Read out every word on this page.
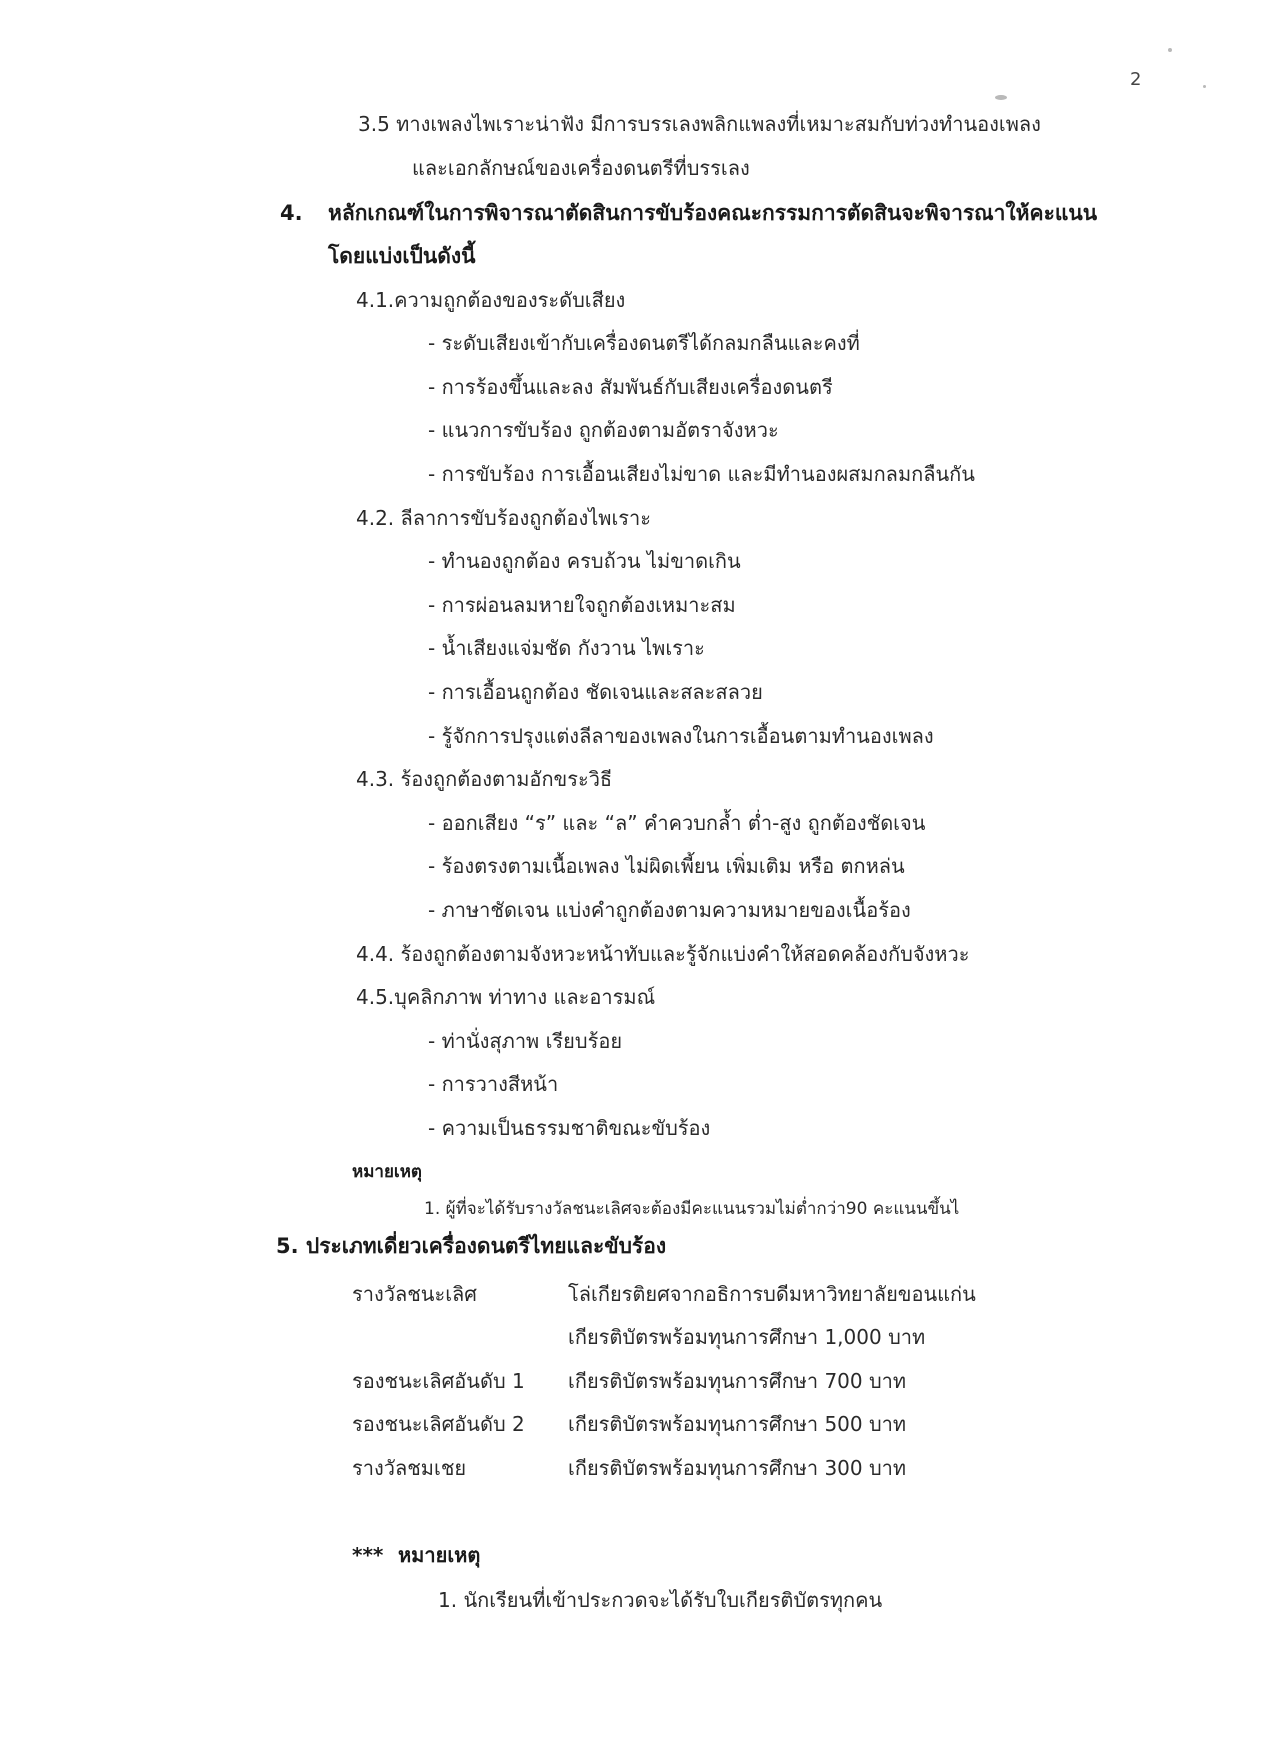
2
3.5 ทางเพลงไพเราะน่าฟัง มีการบรรเลงพลิกแพลงที่เหมาะสมกับท่วงทำนองเพลง
และเอกลักษณ์ของเครื่องดนตรีที่บรรเลง
4. หลักเกณฑ์ในการพิจารณาตัดสินการขับร้องคณะกรรมการตัดสินจะพิจารณาให้คะแนน
โดยแบ่งเป็นดังนี้
4.1.ความถูกต้องของระดับเสียง
- ระดับเสียงเข้ากับเครื่องดนตรีได้กลมกลืนและคงที่
- การร้องขึ้นและลง สัมพันธ์กับเสียงเครื่องดนตรี
- แนวการขับร้อง ถูกต้องตามอัตราจังหวะ
- การขับร้อง การเอื้อนเสียงไม่ขาด และมีทำนองผสมกลมกลืนกัน
4.2. ลีลาการขับร้องถูกต้องไพเราะ
- ทำนองถูกต้อง ครบถ้วน ไม่ขาดเกิน
- การผ่อนลมหายใจถูกต้องเหมาะสม
- น้ำเสียงแจ่มชัด กังวาน ไพเราะ
- การเอื้อนถูกต้อง ชัดเจนและสละสลวย
- รู้จักการปรุงแต่งลีลาของเพลงในการเอื้อนตามทำนองเพลง
4.3. ร้องถูกต้องตามอักขระวิธี
- ออกเสียง “ร” และ “ล” คำควบกล้ำ ต่ำ-สูง ถูกต้องชัดเจน
- ร้องตรงตามเนื้อเพลง ไม่ผิดเพี้ยน เพิ่มเติม หรือ ตกหล่น
- ภาษาชัดเจน แบ่งคำถูกต้องตามความหมายของเนื้อร้อง
4.4. ร้องถูกต้องตามจังหวะหน้าทับและรู้จักแบ่งคำให้สอดคล้องกับจังหวะ
4.5.บุคลิกภาพ ท่าทาง และอารมณ์
- ท่านั่งสุภาพ เรียบร้อย
- การวางสีหน้า
- ความเป็นธรรมชาติขณะขับร้อง
หมายเหตุ
1. ผู้ที่จะได้รับรางวัลชนะเลิศจะต้องมีคะแนนรวมไม่ต่ำกว่า90 คะแนนขึ้นไ
5. ประเภทเดี่ยวเครื่องดนตรีไทยและขับร้อง
รางวัลชนะเลิศ	โล่เกียรติยศจากอธิการบดีมหาวิทยาลัยขอนแก่น
เกียรติบัตรพร้อมทุนการศึกษา 1,000 บาท
รองชนะเลิศอันดับ 1 เกียรติบัตรพร้อมทุนการศึกษา 700 บาท
รองชนะเลิศอันดับ 2 เกียรติบัตรพร้อมทุนการศึกษา 500 บาท
รางวัลชมเชย	เกียรติบัตรพร้อมทุนการศึกษา 300 บาท
*** หมายเหตุ
1. นักเรียนที่เข้าประกวดจะได้รับใบเกียรติบัตรทุกคน
